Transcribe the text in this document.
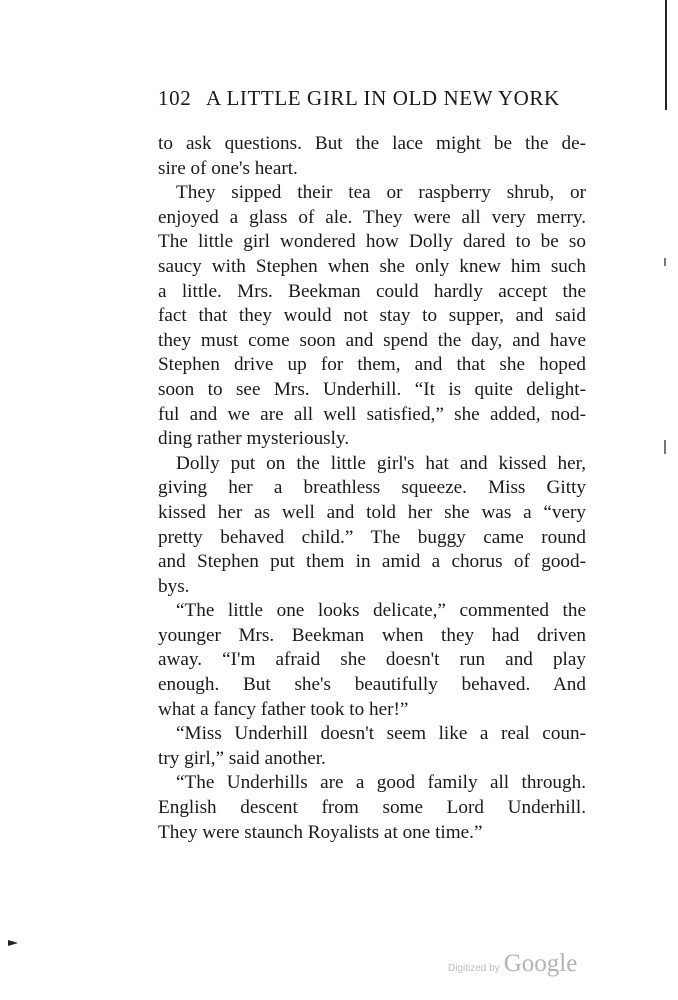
102 A LITTLE GIRL IN OLD NEW YORK
to ask questions. But the lace might be the de-
sire of one's heart.
They sipped their tea or raspberry shrub, or
enjoyed a glass of ale. They were all very merry.
The little girl wondered how Dolly dared to be so
saucy with Stephen when she only knew him such
a little. Mrs. Beekman could hardly accept the
fact that they would not stay to supper, and said
they must come soon and spend the day, and have
Stephen drive up for them, and that she hoped
soon to see Mrs. Underhill. “It is quite delight-
ful and we are all well satisfied,” she added, nod-
ding rather mysteriously.
Dolly put on the little girl's hat and kissed her,
giving her a breathless squeeze. Miss Gitty
kissed her as well and told her she was a “very
pretty behaved child.” The buggy came round
and Stephen put them in amid a chorus of good-
bys.
“The little one looks delicate,” commented the
younger Mrs. Beekman when they had driven
away. “I'm afraid she doesn't run and play
enough. But she's beautifully behaved. And
what a fancy father took to her!”
“Miss Underhill doesn't seem like a real coun-
try girl,” said another.
“The Underhills are a good family all through.
English descent from some Lord Underhill.
They were staunch Royalists at one time.”
Digitized by Google
